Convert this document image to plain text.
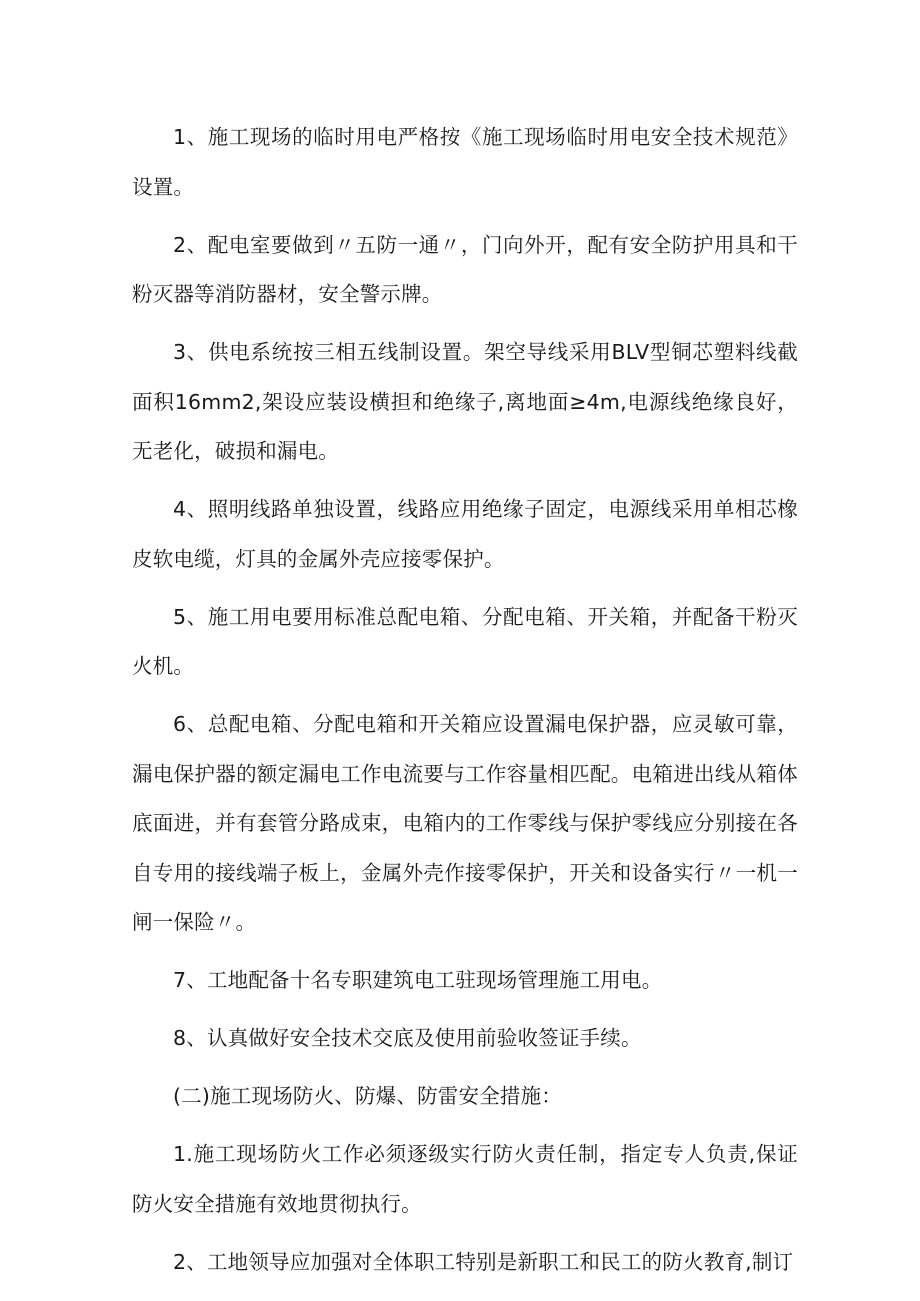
1、施工现场的临时用电严格按《施工现场临时用电安全技术规范》设置。

2、配电室要做到〃五防一通〃，门向外开，配有安全防护用具和干粉灭器等消防器材，安全警示牌。

3、供电系统按三相五线制设置。架空导线采用BLV型铜芯塑料线截面积16mm2,架设应装设横担和绝缘子,离地面≥4m,电源线绝缘良好，无老化，破损和漏电。

4、照明线路单独设置，线路应用绝缘子固定，电源线采用单相芯橡皮软电缆，灯具的金属外壳应接零保护。

5、施工用电要用标准总配电箱、分配电箱、开关箱，并配备干粉灭火机。

6、总配电箱、分配电箱和开关箱应设置漏电保护器，应灵敏可靠，漏电保护器的额定漏电工作电流要与工作容量相匹配。电箱进出线从箱体底面进，并有套管分路成束，电箱内的工作零线与保护零线应分别接在各自专用的接线端子板上，金属外壳作接零保护，开关和设备实行〃一机一闸一保险〃。

7、工地配备十名专职建筑电工驻现场管理施工用电。

8、认真做好安全技术交底及使用前验收签证手续。

(二)施工现场防火、防爆、防雷安全措施：

1.施工现场防火工作必须逐级实行防火责任制，指定专人负责,保证防火安全措施有效地贯彻执行。

2、工地领导应加强对全体职工特别是新职工和民工的防火教育,制订
